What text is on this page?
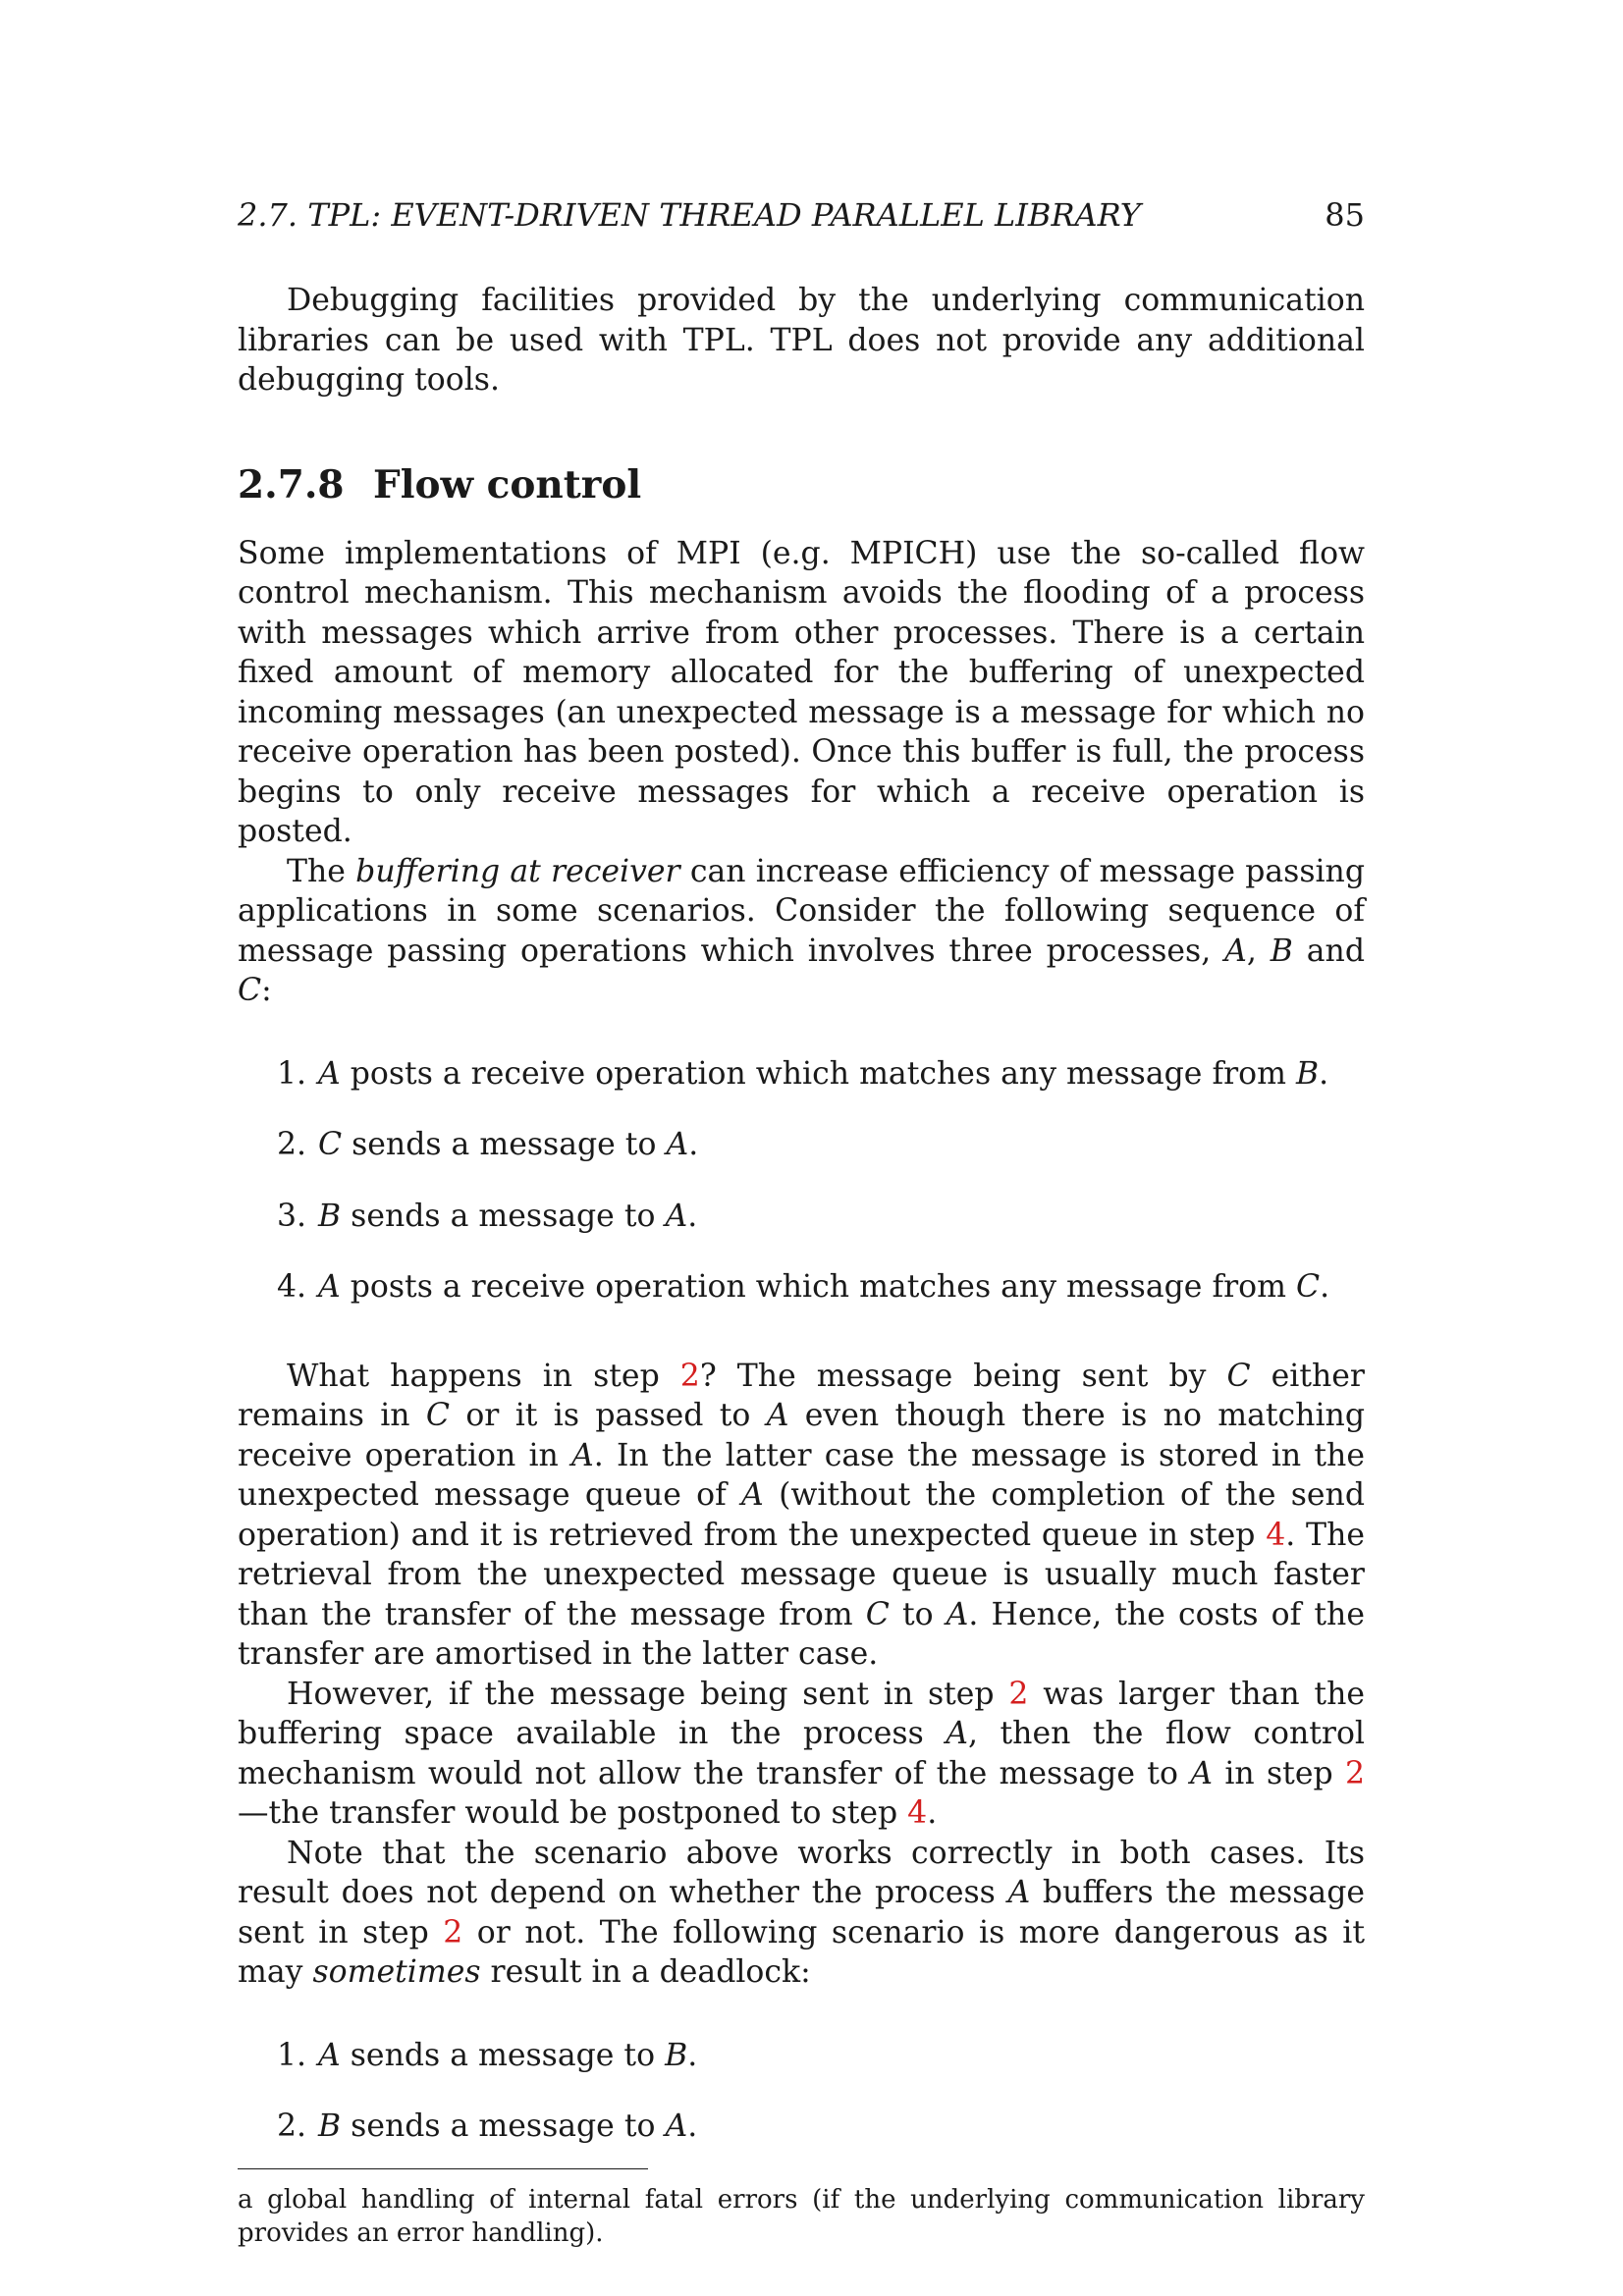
2.7. TPL: EVENT-DRIVEN THREAD PARALLEL LIBRARY	85

Debugging facilities provided by the underlying communication libraries can be used with TPL. TPL does not provide any additional debugging tools.

2.7.8 Flow control

Some implementations of MPI (e.g. MPICH) use the so-called flow control mechanism. This mechanism avoids the flooding of a process with messages which arrive from other processes. There is a certain fixed amount of memory allocated for the buffering of unexpected incoming messages (an unexpected message is a message for which no receive operation has been posted). Once this buffer is full, the process begins to only receive messages for which a receive operation is posted.

The buffering at receiver can increase efficiency of message passing applications in some scenarios. Consider the following sequence of message passing operations which involves three processes, A, B and C:

1. A posts a receive operation which matches any message from B.
2. C sends a message to A.
3. B sends a message to A.
4. A posts a receive operation which matches any message from C.

What happens in step 2? The message being sent by C either remains in C or it is passed to A even though there is no matching receive operation in A. In the latter case the message is stored in the unexpected message queue of A (without the completion of the send operation) and it is retrieved from the unexpected queue in step 4. The retrieval from the unexpected message queue is usually much faster than the transfer of the message from C to A. Hence, the costs of the transfer are amortised in the latter case.

However, if the message being sent in step 2 was larger than the buffering space available in the process A, then the flow control mechanism would not allow the transfer of the message to A in step 2—the transfer would be postponed to step 4.

Note that the scenario above works correctly in both cases. Its result does not depend on whether the process A buffers the message sent in step 2 or not. The following scenario is more dangerous as it may sometimes result in a deadlock:

1. A sends a message to B.
2. B sends a message to A.
a global handling of internal fatal errors (if the underlying communication library provides an error handling).
